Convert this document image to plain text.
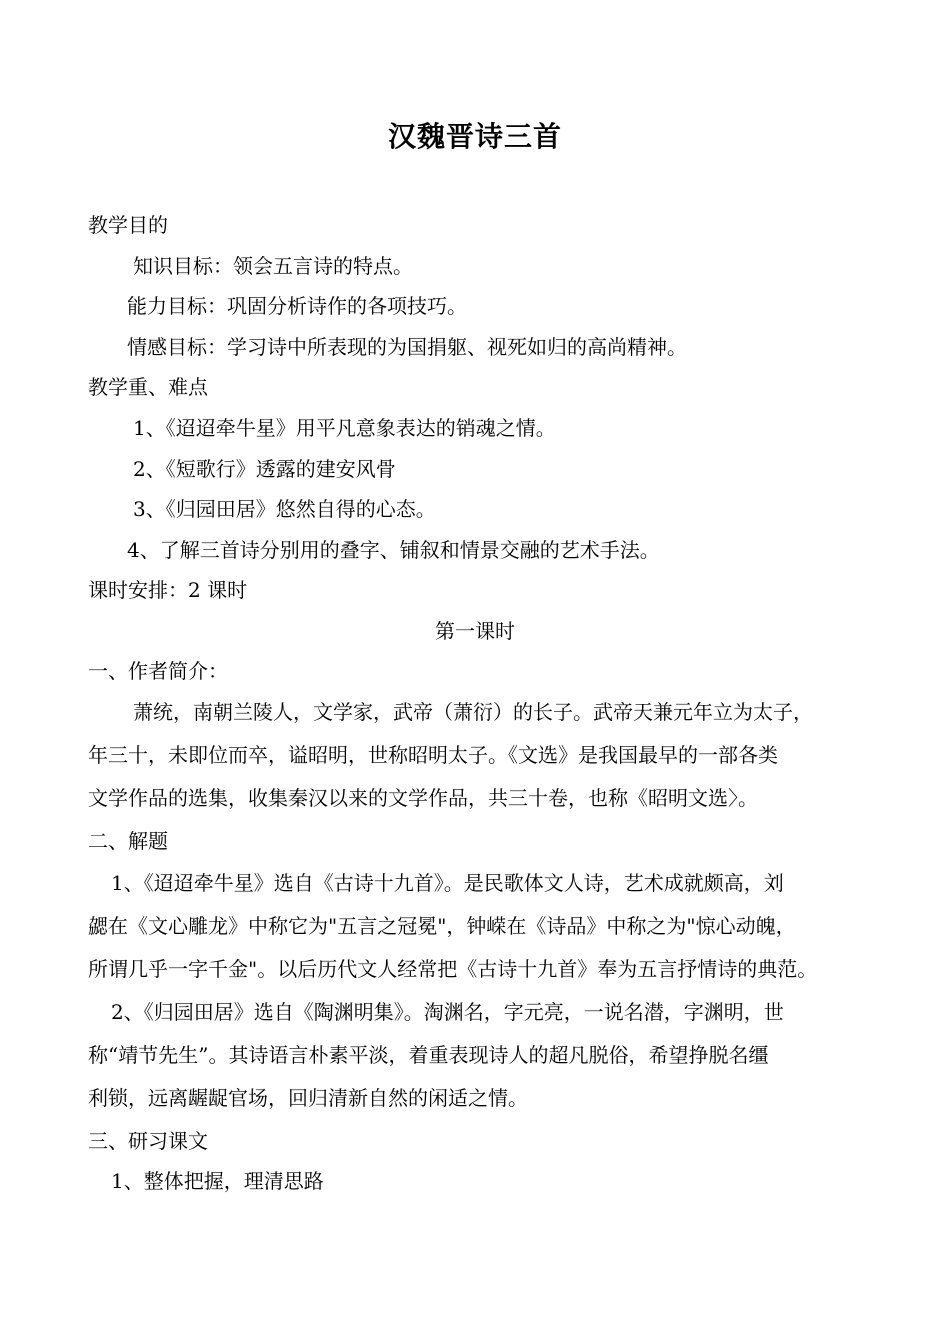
汉魏晋诗三首

教学目的

知识目标：领会五言诗的特点。

能力目标：巩固分析诗作的各项技巧。

情感目标：学习诗中所表现的为国捐躯、视死如归的高尚精神。

教学重、难点

1、《迢迢牵牛星》用平凡意象表达的销魂之情。

2、《短歌行》透露的建安风骨

3、《归园田居》悠然自得的心态。

4、了解三首诗分别用的叠字、铺叙和情景交融的艺术手法。

课时安排：2 课时

第一课时

一、作者简介：

萧统，南朝兰陵人，文学家，武帝（萧衍）的长子。武帝天兼元年立为太子，

年三十，未即位而卒，谥昭明，世称昭明太子。《文选》是我国最早的一部各类

文学作品的选集，收集秦汉以来的文学作品，共三十卷，也称《昭明文选〉。

二、解题

1、《迢迢牵牛星》选自《古诗十九首》。是民歌体文人诗，艺术成就颇高，刘

勰在《文心雕龙》中称它为"五言之冠冕"，钟嵘在《诗品》中称之为"惊心动魄，

所谓几乎一字千金"。以后历代文人经常把《古诗十九首》奉为五言抒情诗的典范。

2、《归园田居》选自《陶渊明集》。淘渊名，字元亮，一说名潜，字渊明，世

称“靖节先生”。其诗语言朴素平淡，着重表现诗人的超凡脱俗，希望挣脱名缰

利锁，远离龌龊官场，回归清新自然的闲适之情。

三、研习课文

1、整体把握，理清思路
